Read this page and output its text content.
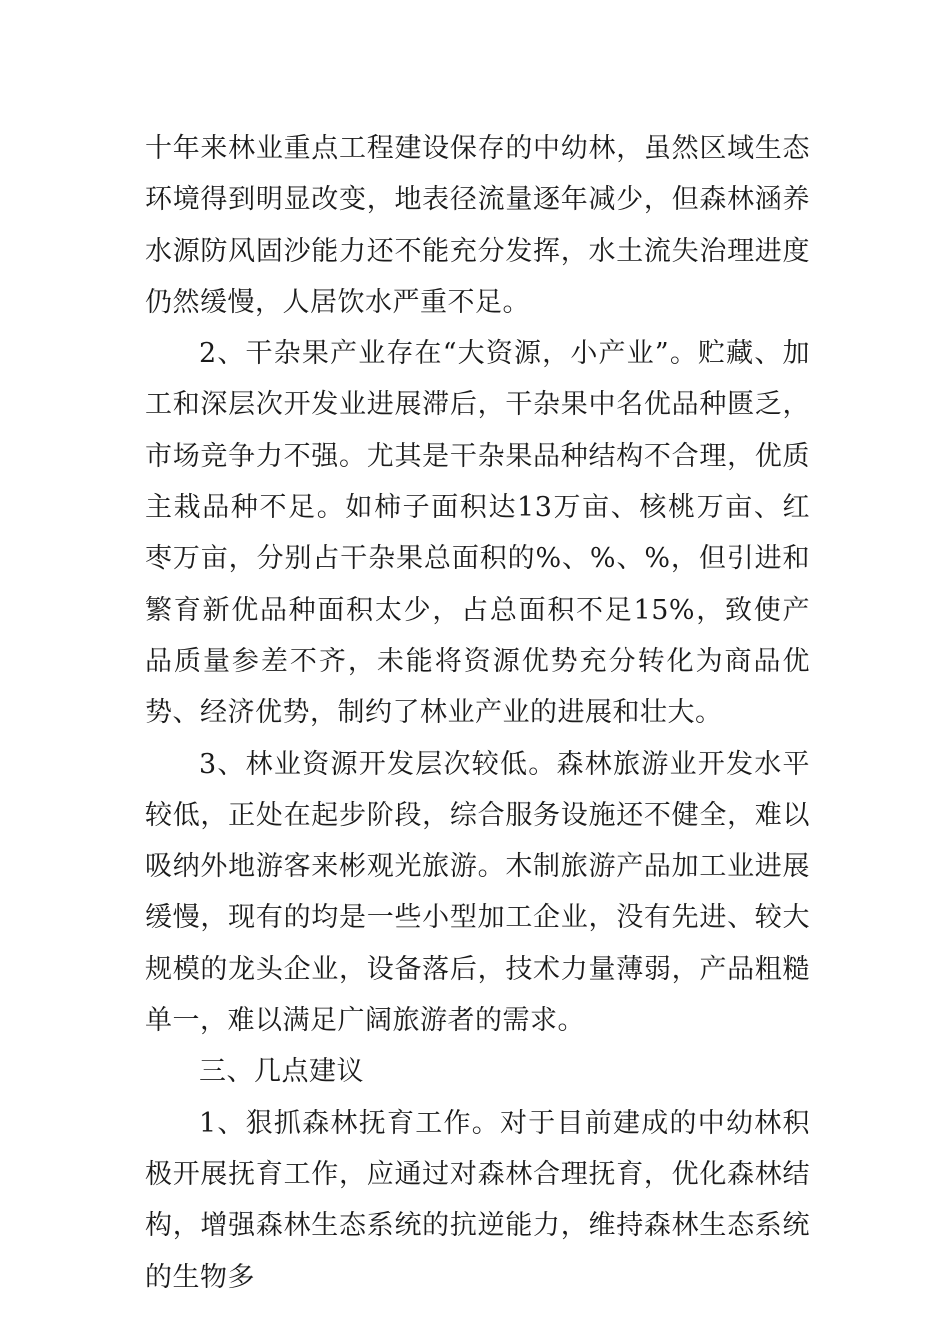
十年来林业重点工程建设保存的中幼林，虽然区域生态环境得到明显改变，地表径流量逐年减少，但森林涵养水源防风固沙能力还不能充分发挥，水土流失治理进度仍然缓慢，人居饮水严重不足。

2、干杂果产业存在“大资源，小产业”。贮藏、加工和深层次开发业进展滞后，干杂果中名优品种匮乏，市场竞争力不强。尤其是干杂果品种结构不合理，优质主栽品种不足。如柿子面积达13万亩、核桃万亩、红枣万亩，分别占干杂果总面积的%、%、%，但引进和繁育新优品种面积太少，占总面积不足15%，致使产品质量参差不齐，未能将资源优势充分转化为商品优势、经济优势，制约了林业产业的进展和壮大。

3、林业资源开发层次较低。森林旅游业开发水平较低，正处在起步阶段，综合服务设施还不健全，难以吸纳外地游客来彬观光旅游。木制旅游产品加工业进展缓慢，现有的均是一些小型加工企业，没有先进、较大规模的龙头企业，设备落后，技术力量薄弱，产品粗糙单一，难以满足广阔旅游者的需求。

三、几点建议

1、狠抓森林抚育工作。对于目前建成的中幼林积极开展抚育工作，应通过对森林合理抚育，优化森林结构，增强森林生态系统的抗逆能力，维持森林生态系统的生物多
